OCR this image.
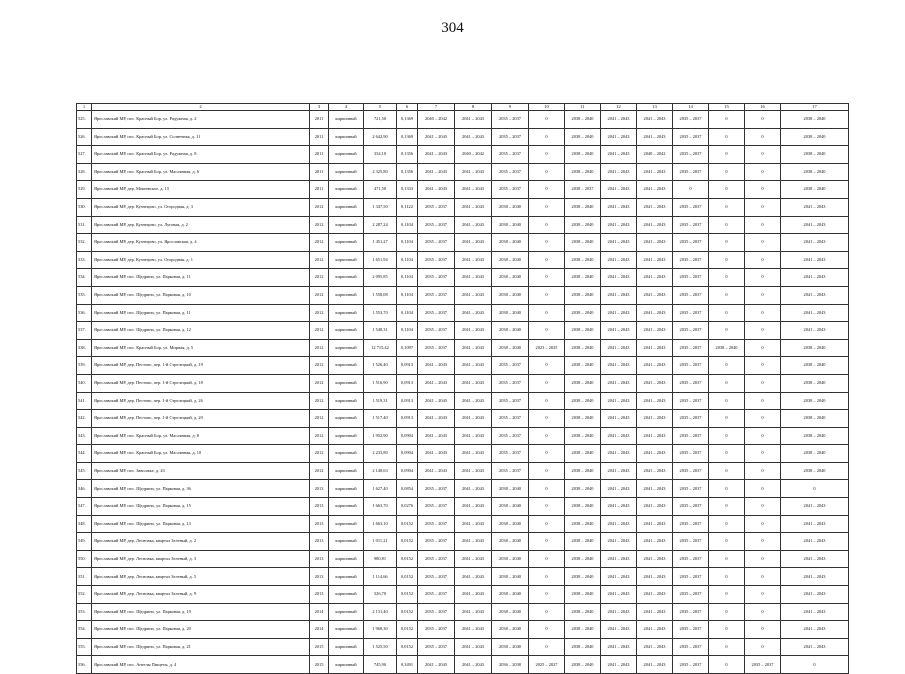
304
1	2	3	4	5	6	7	8	9	10	11	12	13	14	15	16	17
525.	Ярославский МР, пос. Красный Бор, ул. Радужная, д. 2	2011	кирпичный	721,50	0,1369	2040 – 2042	2041 – 2043	2035 – 2037	0	2038 – 2040	2041 – 2043	2041 – 2043	2035 – 2037	0	0	2038 – 2040
526.	Ярославский МР, пос. Красный Бор, ул. Солнечная, д. 11	2011	кирпичный	2 642,90	0,1369	2041 – 2043	2041 – 2043	2035 – 2037	0	2038 – 2040	2041 – 2043	2041 – 2043	2035 – 2037	0	0	2038 – 2040
527.	Ярославский МР, пос. Красный Бор, ул. Радужная, д. 8	2011	кирпичный	334,10	0,1356	2041 – 2043	2040 – 2042	2035 – 2037	0	2038 – 2040	2041 – 2043	2040 – 2042	2035 – 2037	0	0	2038 – 2040
528.	Ярославский МР, пос. Красный Бор, ул. Маслянная, д. 6	2011	кирпичный	2 325,80	0,1356	2041 – 2043	2041 – 2043	2035 – 2037	0	2038 – 2040	2041 – 2043	2041 – 2043	2035 – 2037	0	0	2038 – 2040
529.	Ярославский МР, дер. Мокеевское, д. 15	2011	кирпичный	471,50	0,1333	2041 – 2043	2041 – 2043	2035 – 2037	0	2038 – 2037	2041 – 2043	2041 – 2043	0	0	0	2038 – 2040
530.	Ярославский МР, дер. Кузнецово, ул. Огородная, д. 3	2012	кирпичный	1 347,50	0,1122	2035 – 2037	2041 – 2043	2038 – 2040	0	2038 – 2040	2041 – 2043	2041 – 2043	2035 – 2037	0	0	2041 – 2043
531.	Ярославский МР, дер. Кузнецово, ул. Луговая, д. 2	2012	кирпичный	2 287,24	0,1104	2035 – 2037	2041 – 2043	2038 – 2040	0	2038 – 2040	2041 – 2043	2041 – 2043	2035 – 2037	0	0	2041 – 2043
532.	Ярославский МР, дер. Кузнецово, ул. Ярославская, д. 4	2012	кирпичный	1 451,27	0,1104	2035 – 2037	2041 – 2043	2038 – 2040	0	2038 – 2040	2041 – 2043	2041 – 2043	2035 – 2037	0	0	2041 – 2043
533.	Ярославский МР, дер. Кузнецово, ул. Огородная, д. 1	2012	кирпичный	1 651,94	0,1104	2035 – 2037	2041 – 2043	2038 – 2040	0	2038 – 2040	2041 – 2043	2041 – 2043	2035 – 2037	0	0	2041 – 2043
534.	Ярославский МР, пос. Щедрино, ул. Парковая, д. 11	2012	кирпичный	2 095,85	0,1104	2035 – 2037	2041 – 2043	2038 – 2040	0	2038 – 2040	2041 – 2043	2041 – 2043	2035 – 2037	0	0	2041 – 2043
535.	Ярославский МР, пос. Щедрино, ул. Парковая, д. 10	2012	кирпичный	1 558,08	0,1104	2035 – 2037	2041 – 2043	2038 – 2040	0	2038 – 2040	2041 – 2043	2041 – 2043	2035 – 2037	0	0	2041 – 2043
536.	Ярославский МР, пос. Щедрино, ул. Парковая, д. 11	2012	кирпичный	1 553,70	0,1104	2035 – 2037	2041 – 2043	2038 – 2040	0	2038 – 2040	2041 – 2043	2041 – 2043	2035 – 2037	0	0	2041 – 2043
537.	Ярославский МР, пос. Щедрино, ул. Парковая, д. 12	2012	кирпичный	1 548,31	0,1104	2035 – 2037	2041 – 2043	2038 – 2040	0	2038 – 2040	2041 – 2043	2041 – 2043	2035 – 2037	0	0	2041 – 2043
538.	Ярославский МР, пос. Красный Бор, ул. Мирная, д. 5	2012	кирпичный	12 715,42	0,1097	2035 – 2037	2041 – 2043	2038 – 2040	2023 – 2025	2038 – 2040	2041 – 2043	2041 – 2043	2035 – 2037	2038 – 2040	0	2038 – 2040
539.	Ярославский МР, дер. Пестово, пер. 1-й Стрелецкий, д. 19	2012	кирпичный	1 526,40	0,0913	2041 – 2043	2041 – 2043	2035 – 2037	0	2038 – 2040	2041 – 2043	2041 – 2043	2035 – 2037	0	0	2038 – 2040
540.	Ярославский МР, дер. Пестово, пер. 1-й Стрелецкий, д. 18	2012	кирпичный	1 516,90	0,0913	2041 – 2043	2041 – 2043	2035 – 2037	0	2038 – 2040	2041 – 2043	2041 – 2043	2035 – 2037	0	0	2038 – 2040
541.	Ярославский МР, дер. Пестово, пер. 1-й Стрелецкий, д. 26	2012	кирпичный	1 519,31	0,0913	2041 – 2043	2041 – 2043	2035 – 2037	0	2038 – 2040	2041 – 2043	2041 – 2043	2035 – 2037	0	0	2038 – 2040
542.	Ярославский МР, дер. Пестово, пер. 1-й Стрелецкий, д. 20	2012	кирпичный	1 517,40	0,0913	2041 – 2043	2041 – 2043	2035 – 2037	0	2038 – 2040	2041 – 2043	2041 – 2043	2035 – 2037	0	0	2038 – 2040
543.	Ярославский МР, пос. Красный Бор, ул. Маслянная, д. 8	2012	кирпичный	1 952,90	0,0904	2041 – 2043	2041 – 2043	2035 – 2037	0	2038 – 2040	2041 – 2043	2041 – 2043	2035 – 2037	0	0	2038 – 2040
544.	Ярославский МР, пос. Красный Бор, ул. Маслянная, д. 10	2012	кирпичный	2 233,80	0,0904	2041 – 2043	2041 – 2043	2035 – 2037	0	2038 – 2040	2041 – 2043	2041 – 2043	2035 – 2037	0	0	2038 – 2040
545.	Ярославский МР, пос. Заволжье, д. 43	2012	кирпичный	2 148,63	0,0904	2041 – 2043	2041 – 2043	2035 – 2037	0	2038 – 2040	2041 – 2043	2041 – 2043	2035 – 2037	0	0	2038 – 2040
546.	Ярославский МР, пос. Щедрино, ул. Парковая, д. 36	2013	кирпичный	1 627,40	0,0854	2035 – 2037	2041 – 2043	2038 – 2040	0	2038 – 2040	2041 – 2043	2041 – 2043	2035 – 2037	0	0	0
547.	Ярославский МР, пос. Щедрино, ул. Парковая, д. 15	2013	кирпичный	1 663,70	0,0276	2035 – 2037	2041 – 2043	2038 – 2040	0	2038 – 2040	2041 – 2043	2041 – 2043	2035 – 2037	0	0	2041 – 2043
548.	Ярославский МР, пос. Щедрино, ул. Парковая, д. 13	2013	кирпичный	1 663,10	0,0152	2035 – 2037	2041 – 2043	2038 – 2040	0	2038 – 2040	2041 – 2043	2041 – 2043	2035 – 2037	0	0	2041 – 2043
549.	Ярославский МР, дер. Лесновка, квартал Зеленый, д. 2	2013	кирпичный	1 011,21	0,0152	2035 – 2037	2041 – 2043	2038 – 2040	0	2038 – 2040	2041 – 2043	2041 – 2043	2035 – 2037	0	0	2041 – 2043
550.	Ярославский МР, дер. Лесновка, квартал Зеленый, д. 3	2013	кирпичный	980,81	0,0152	2035 – 2037	2041 – 2043	2038 – 2040	0	2038 – 2040	2041 – 2043	2041 – 2043	2035 – 2037	0	0	2041 – 2043
551.	Ярославский МР, дер. Лесновка, квартал Зеленый, д. 5	2013	кирпичный	1 114,66	0,0152	2035 – 2037	2041 – 2043	2038 – 2040	0	2038 – 2040	2041 – 2043	2041 – 2043	2035 – 2037	0	0	2041 – 2043
552.	Ярославский МР, дер. Лесновка, квартал Зеленый, д. 9	2013	кирпичный	526,70	0,0152	2035 – 2037	2041 – 2043	2038 – 2040	0	2038 – 2040	2041 – 2043	2041 – 2043	2035 – 2037	0	0	2041 – 2043
553.	Ярославский МР, пос. Щедрино, ул. Парковая, д. 19	2014	кирпичный	2 131,40	0,0152	2035 – 2037	2041 – 2043	2038 – 2040	0	2038 – 2040	2041 – 2043	2041 – 2043	2035 – 2037	0	0	2041 – 2043
554.	Ярославский МР, пос. Щедрино, ул. Парковая, д. 20	2014	кирпичный	1 968,30	0,0152	2035 – 2037	2041 – 2043	2038 – 2040	0	2038 – 2040	2041 – 2043	2041 – 2043	2035 – 2037	0	0	2041 – 2043
555.	Ярославский МР, пос. Щедрино, ул. Парковая, д. 21	2015	кирпичный	1 525,50	0,0152	2035 – 2037	2041 – 2043	2038 – 2040	0	2038 – 2040	2041 – 2043	2041 – 2043	2035 – 2037	0	0	2041 – 2043
556.	Ярославский МР, пос. Ангелы Пищеты, д. 4	2015	кирпичный	745,90	0,3491	2041 – 2043	2041 – 2043	2036 – 2038	2025 – 2027	2038 – 2040	2041 – 2043	2041 – 2043	2035 – 2037	0	2035 – 2037	0
